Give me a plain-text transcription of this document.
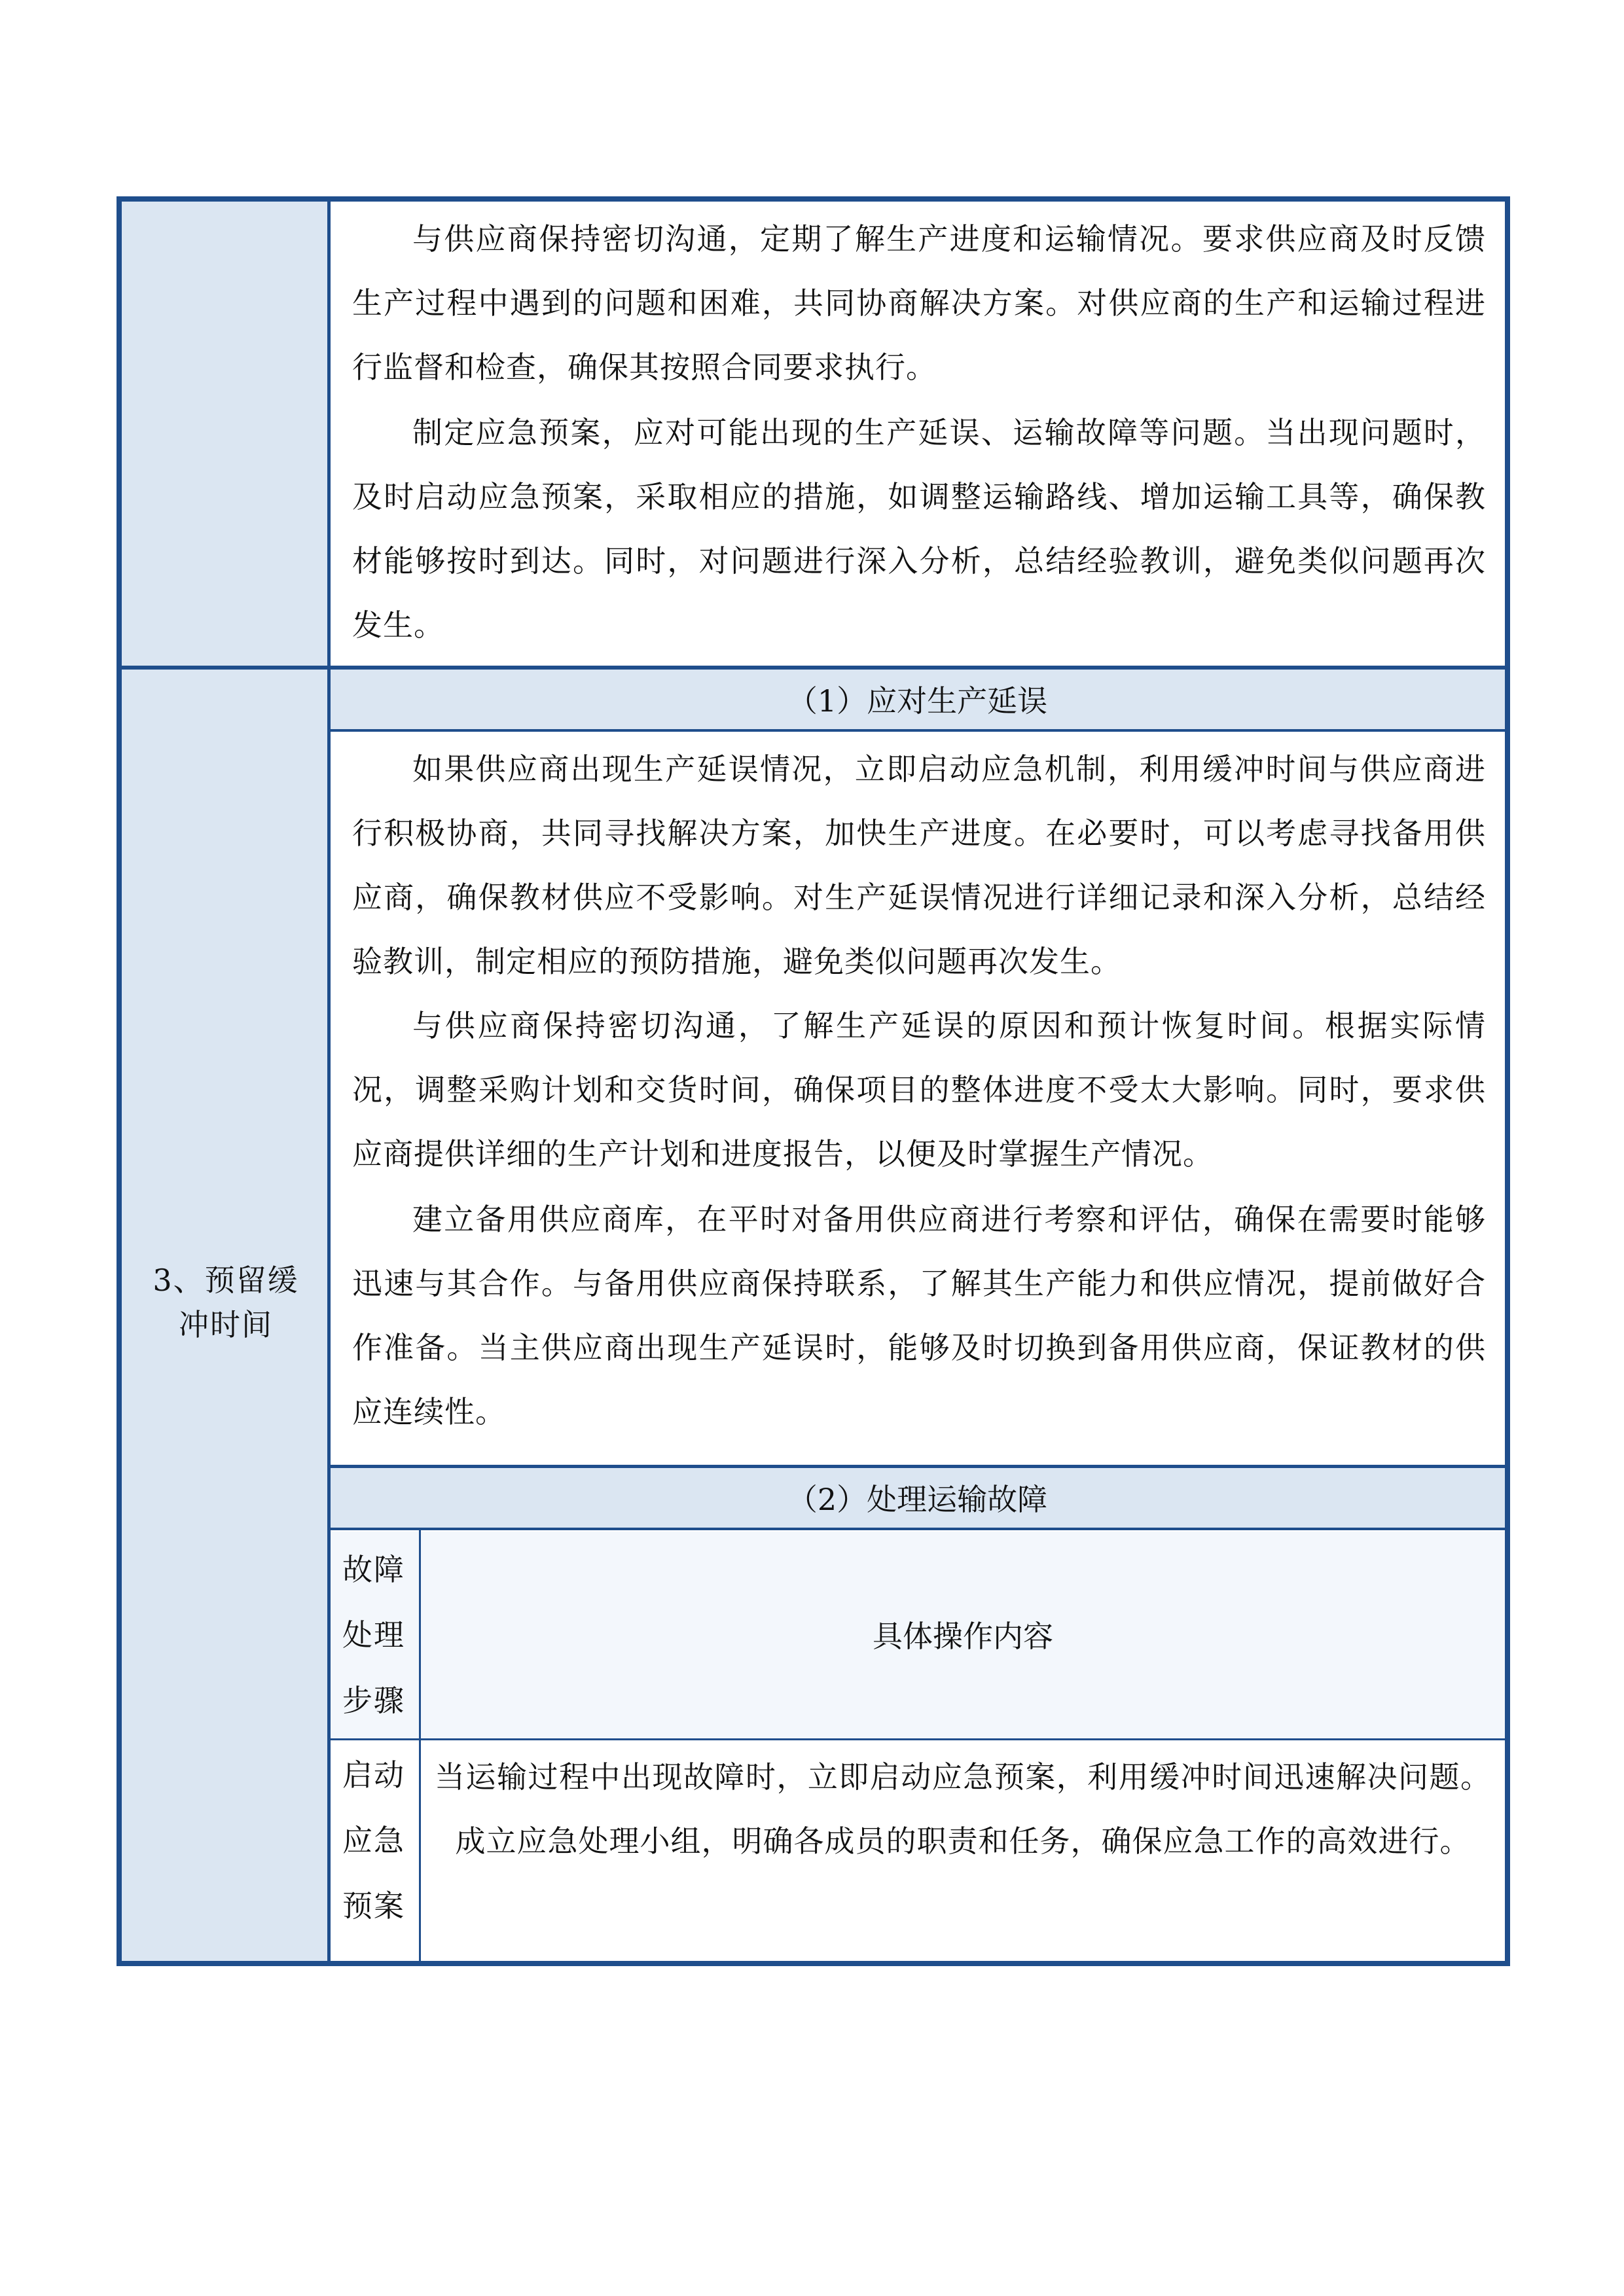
与供应商保持密切沟通，定期了解生产进度和运输情况。要求供应商及时反馈生产过程中遇到的问题和困难，共同协商解决方案。对供应商的生产和运输过程进行监督和检查，确保其按照合同要求执行。
制定应急预案，应对可能出现的生产延误、运输故障等问题。当出现问题时，及时启动应急预案，采取相应的措施，如调整运输路线、增加运输工具等，确保教材能够按时到达。同时，对问题进行深入分析，总结经验教训，避免类似问题再次发生。
3、预留缓冲时间
（1）应对生产延误
如果供应商出现生产延误情况，立即启动应急机制，利用缓冲时间与供应商进行积极协商，共同寻找解决方案，加快生产进度。在必要时，可以考虑寻找备用供应商，确保教材供应不受影响。对生产延误情况进行详细记录和深入分析，总结经验教训，制定相应的预防措施，避免类似问题再次发生。
与供应商保持密切沟通，了解生产延误的原因和预计恢复时间。根据实际情况，调整采购计划和交货时间，确保项目的整体进度不受太大影响。同时，要求供应商提供详细的生产计划和进度报告，以便及时掌握生产情况。
建立备用供应商库，在平时对备用供应商进行考察和评估，确保在需要时能够迅速与其合作。与备用供应商保持联系，了解其生产能力和供应情况，提前做好合作准备。当主供应商出现生产延误时，能够及时切换到备用供应商，保证教材的供应连续性。
（2）处理运输故障
故障处理步骤
具体操作内容
启动应急预案
当运输过程中出现故障时，立即启动应急预案，利用缓冲时间迅速解决问题。成立应急处理小组，明确各成员的职责和任务，确保应急工作的高效进行。
